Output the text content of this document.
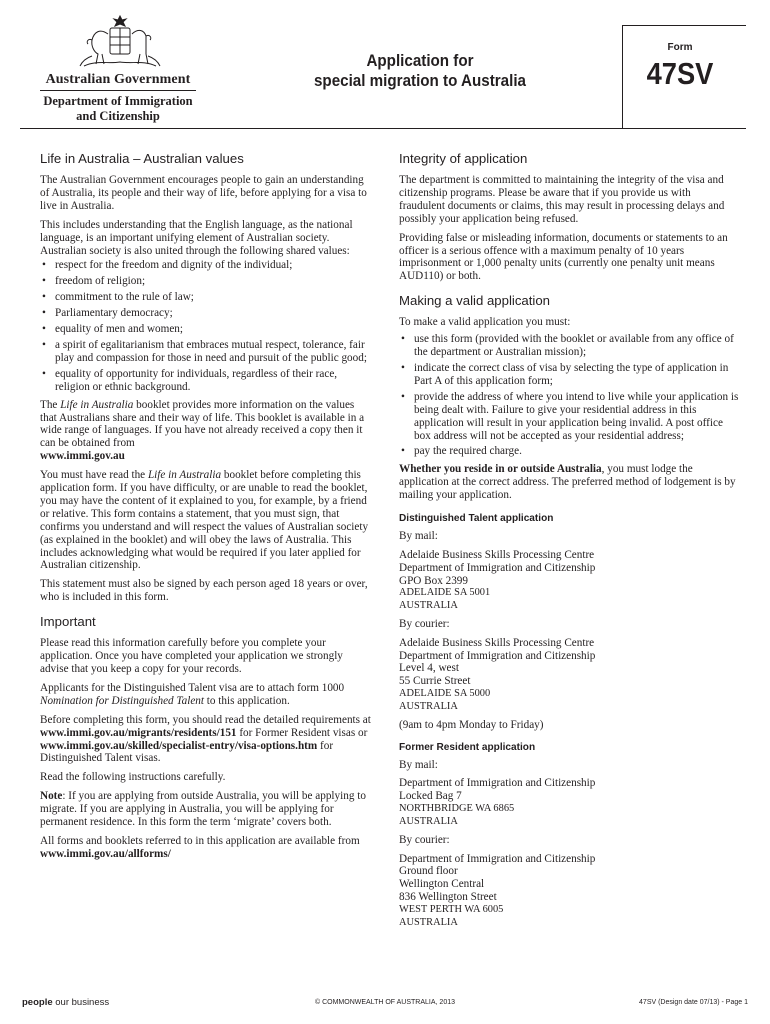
Australian Government
Department of Immigration
and Citizenship
Application for
special migration to Australia
Form
47SV
Life in Australia – Australian values

The Australian Government encourages people to gain an understanding of Australia, its people and their way of life, before applying for a visa to live in Australia.

This includes understanding that the English language, as the national language, is an important unifying element of Australian society. Australian society is also united through the following shared values:

• respect for the freedom and dignity of the individual;
• freedom of religion;
• commitment to the rule of law;
• Parliamentary democracy;
• equality of men and women;
• a spirit of egalitarianism that embraces mutual respect, tolerance, fair play and compassion for those in need and pursuit of the public good;
• equality of opportunity for individuals, regardless of their race, religion or ethnic background.

The Life in Australia booklet provides more information on the values that Australians share and their way of life. This booklet is available in a wide range of languages. If you have not already received a copy then it can be obtained from
www.immi.gov.au

You must have read the Life in Australia booklet before completing this application form. If you have difficulty, or are unable to read the booklet, you may have the content of it explained to you, for example, by a friend or relative. This form contains a statement, that you must sign, that confirms you understand and will respect the values of Australian society (as explained in the booklet) and will obey the laws of Australia. This includes acknowledging what would be required if you later applied for Australian citizenship.

This statement must also be signed by each person aged 18 years or over, who is included in this form.

Important

Please read this information carefully before you complete your application. Once you have completed your application we strongly advise that you keep a copy for your records.

Applicants for the Distinguished Talent visa are to attach form 1000 Nomination for Distinguished Talent to this application.

Before completing this form, you should read the detailed requirements at www.immi.gov.au/migrants/residents/151 for Former Resident visas or
www.immi.gov.au/skilled/specialist-entry/visa-options.htm for Distinguished Talent visas.

Read the following instructions carefully.

Note: If you are applying from outside Australia, you will be applying to migrate. If you are applying in Australia, you will be applying for permanent residence. In this form the term ‘migrate’ covers both.

All forms and booklets referred to in this application are available from www.immi.gov.au/allforms/

Integrity of application

The department is committed to maintaining the integrity of the visa and citizenship programs. Please be aware that if you provide us with fraudulent documents or claims, this may result in processing delays and possibly your application being refused.

Providing false or misleading information, documents or statements to an officer is a serious offence with a maximum penalty of 10 years imprisonment or 1,000 penalty units (currently one penalty unit means AUD110) or both.

Making a valid application

To make a valid application you must:

• use this form (provided with the booklet or available from any office of the department or Australian mission);
• indicate the correct class of visa by selecting the type of application in Part A of this application form;
• provide the address of where you intend to live while your application is being dealt with. Failure to give your residential address in this application will result in your application being invalid. A post office box address will not be accepted as your residential address;
• pay the required charge.

Whether you reside in or outside Australia, you must lodge the application at the correct address. The preferred method of lodgement is by mailing your application.

Distinguished Talent application

By mail:

Adelaide Business Skills Processing Centre
Department of Immigration and Citizenship
GPO Box 2399
ADELAIDE SA 5001
AUSTRALIA

By courier:

Adelaide Business Skills Processing Centre
Department of Immigration and Citizenship
Level 4, west
55 Currie Street
ADELAIDE SA 5000
AUSTRALIA

(9am to 4pm Monday to Friday)

Former Resident application

By mail:

Department of Immigration and Citizenship
Locked Bag 7
NORTHBRIDGE WA 6865
AUSTRALIA

By courier:

Department of Immigration and Citizenship
Ground floor
Wellington Central
836 Wellington Street
WEST PERTH WA 6005
AUSTRALIA
people our business	© COMMONWEALTH OF AUSTRALIA, 2013	47SV (Design date 07/13) - Page 1
